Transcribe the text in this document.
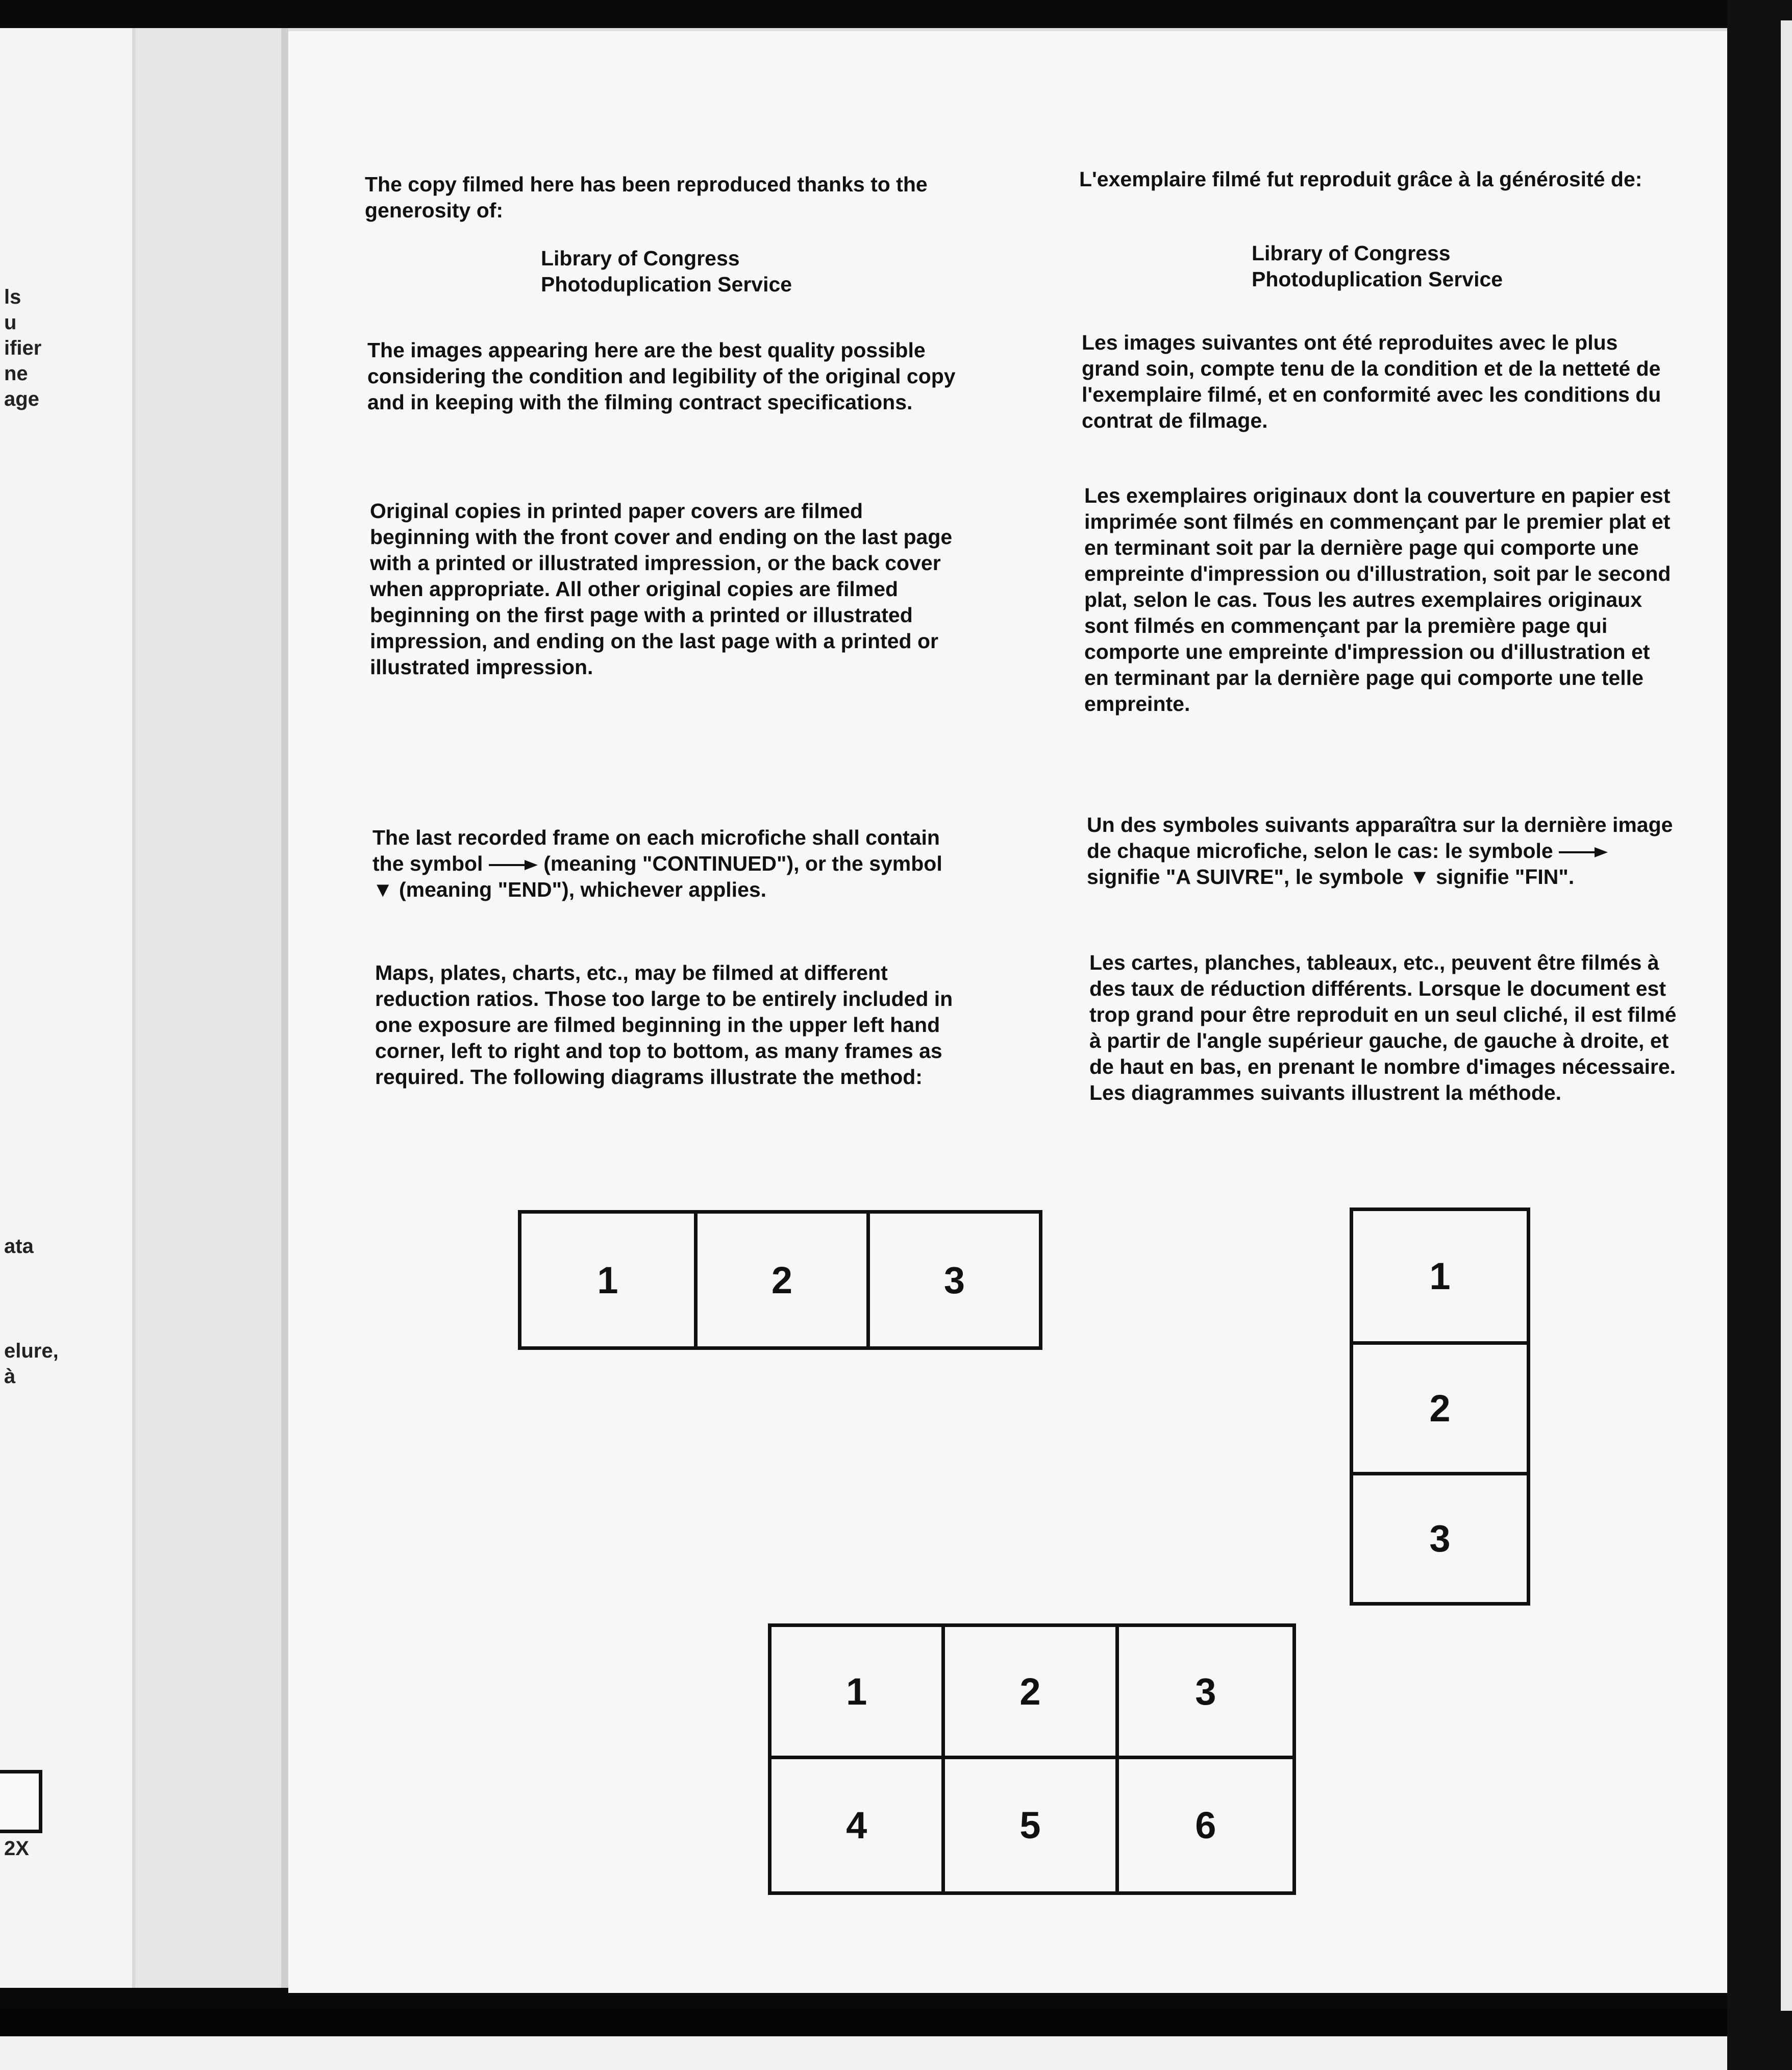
ls
u
ifier
ne
age
ata
elure,
à
2X

The copy filmed here has been reproduced thanks to the generosity of:

Library of Congress
Photoduplication Service

The images appearing here are the best quality possible considering the condition and legibility of the original copy and in keeping with the filming contract specifications.

Original copies in printed paper covers are filmed beginning with the front cover and ending on the last page with a printed or illustrated impression, or the back cover when appropriate. All other original copies are filmed beginning on the first page with a printed or illustrated impression, and ending on the last page with a printed or illustrated impression.

The last recorded frame on each microfiche shall contain the symbol	(meaning "CONTINUED"), or the symbol ▼ (meaning "END"), whichever applies.

Maps, plates, charts, etc., may be filmed at different reduction ratios. Those too large to be entirely included in one exposure are filmed beginning in the upper left hand corner, left to right and top to bottom, as many frames as required. The following diagrams illustrate the method:

L'exemplaire filmé fut reproduit grâce à la générosité de:

Library of Congress
Photoduplication Service

Les images suivantes ont été reproduites avec le plus grand soin, compte tenu de la condition et de la netteté de l'exemplaire filmé, et en conformité avec les conditions du contrat de filmage.

Les exemplaires originaux dont la couverture en papier est imprimée sont filmés en commençant par le premier plat et en terminant soit par la dernière page qui comporte une empreinte d'impression ou d'illustration, soit par le second plat, selon le cas. Tous les autres exemplaires originaux sont filmés en commençant par la première page qui comporte une empreinte d'impression ou d'illustration et en terminant par la dernière page qui comporte une telle empreinte.

Un des symboles suivants apparaîtra sur la dernière image de chaque microfiche, selon le cas: le symbole  signifie "A SUIVRE", le symbole ▼ signifie "FIN".

Les cartes, planches, tableaux, etc., peuvent être filmés à des taux de réduction différents. Lorsque le document est trop grand pour être reproduit en un seul cliché, il est filmé à partir de l'angle supérieur gauche, de gauche à droite, et de haut en bas, en prenant le nombre d'images nécessaire. Les diagrammes suivants illustrent la méthode.

1	2	3	1
2
3
1	2	3
4	5	6
